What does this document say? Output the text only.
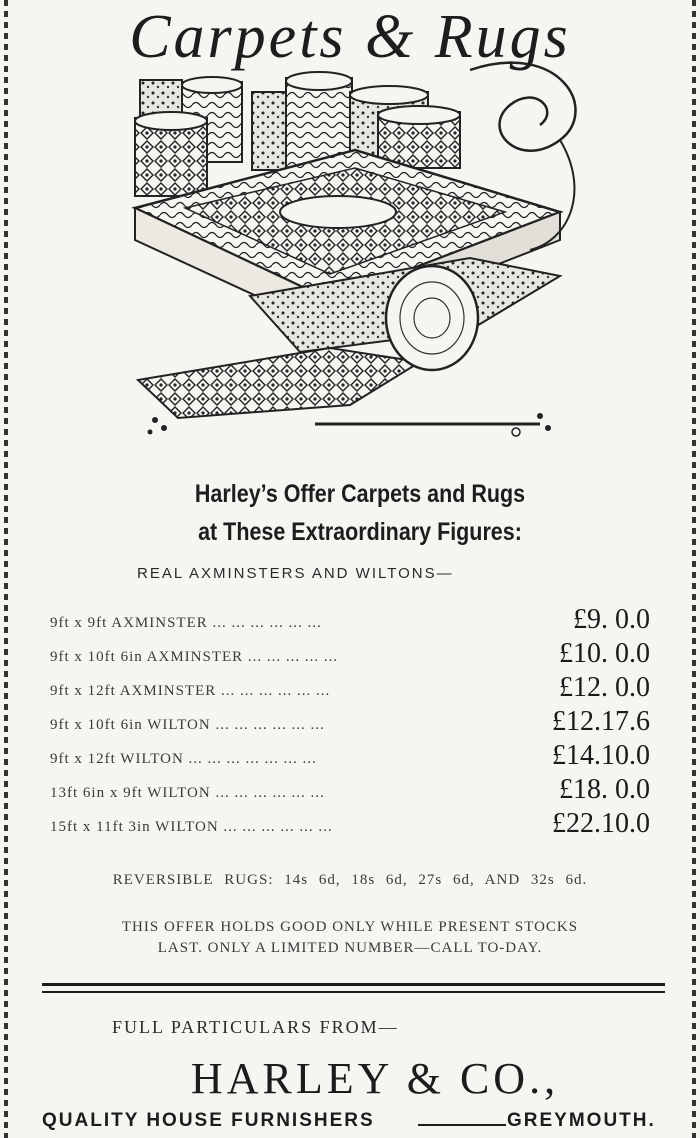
Carpets & Rugs
Harley’s Offer Carpets and Rugs
at These Extraordinary Figures:
REAL AXMINSTERS AND WILTONS—
9ft x 9ft AXMINSTER ... ... ... ... ... ...	£9. 0.0
9ft x 10ft 6in AXMINSTER ... ... ... ... ...	£10. 0.0
9ft x 12ft AXMINSTER ... ... ... ... ... ...	£12. 0.0
9ft x 10ft 6in WILTON ... ... ... ... ... ...	£12.17.6
9ft x 12ft WILTON ... ... ... ... ... ... ...	£14.10.0
13ft 6in x 9ft WILTON ... ... ... ... ... ...	£18. 0.0
15ft x 11ft 3in WILTON ... ... ... ... ... ...	£22.10.0
REVERSIBLE RUGS: 14s 6d, 18s 6d, 27s 6d, AND 32s 6d.
THIS OFFER HOLDS GOOD ONLY WHILE PRESENT STOCKS
LAST. ONLY A LIMITED NUMBER—CALL TO-DAY.
FULL PARTICULARS FROM—
HARLEY & CO.,
QUALITY HOUSE FURNISHERS	GREYMOUTH.
